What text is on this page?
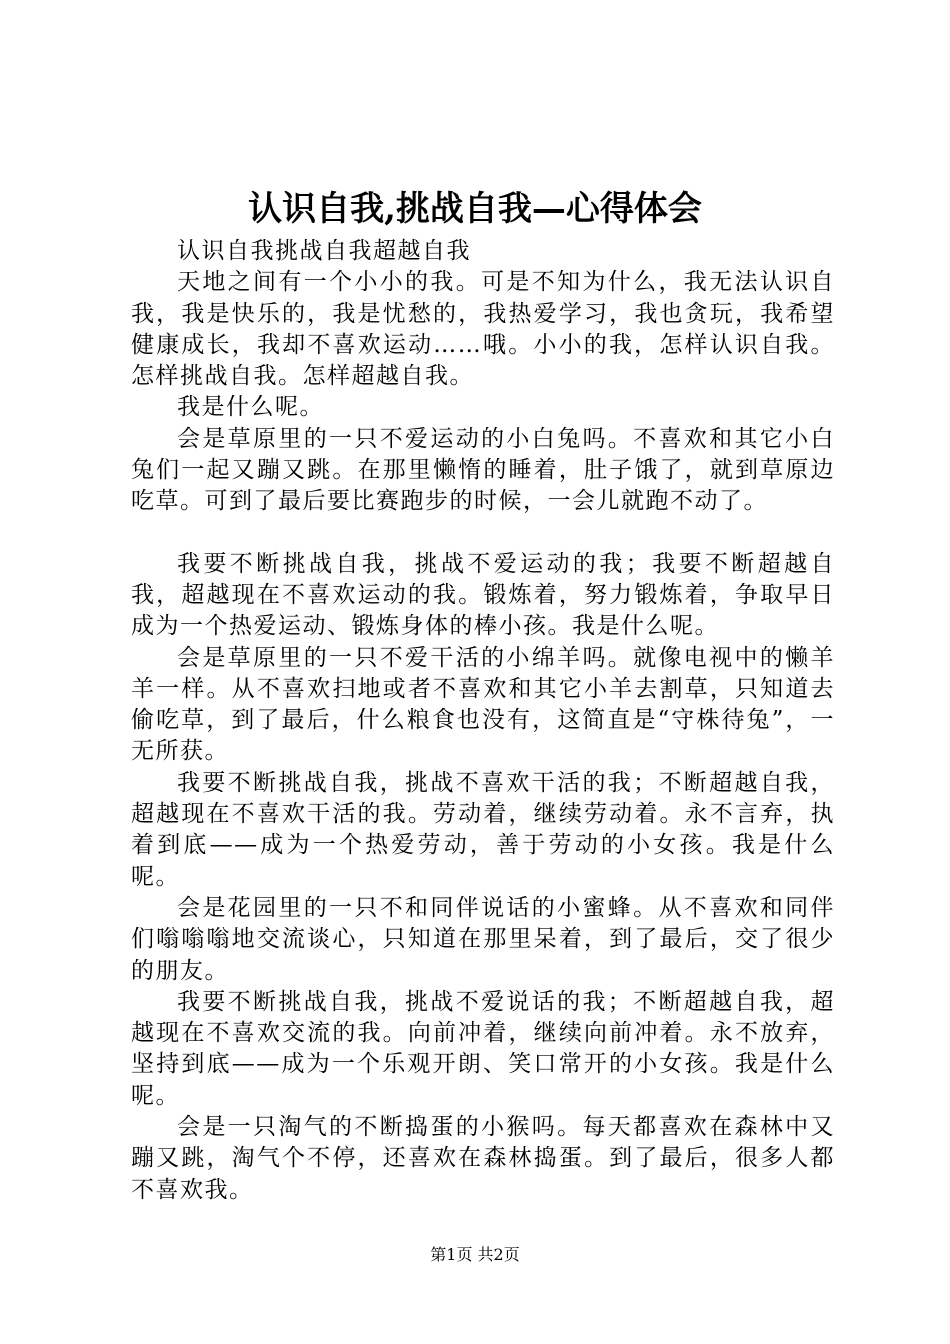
认识自我,挑战自我—心得体会

认识自我挑战自我超越自我

天地之间有一个小小的我。可是不知为什么，我无法认识自我，我是快乐的，我是忧愁的，我热爱学习，我也贪玩，我希望健康成长，我却不喜欢运动……哦。小小的我，怎样认识自我。怎样挑战自我。怎样超越自我。

我是什么呢。

会是草原里的一只不爱运动的小白兔吗。不喜欢和其它小白兔们一起又蹦又跳。在那里懒惰的睡着，肚子饿了，就到草原边吃草。可到了最后要比赛跑步的时候，一会儿就跑不动了。

我要不断挑战自我，挑战不爱运动的我；我要不断超越自我，超越现在不喜欢运动的我。锻炼着，努力锻炼着，争取早日成为一个热爱运动、锻炼身体的棒小孩。我是什么呢。

会是草原里的一只不爱干活的小绵羊吗。就像电视中的懒羊羊一样。从不喜欢扫地或者不喜欢和其它小羊去割草，只知道去偷吃草，到了最后，什么粮食也没有，这简直是“守株待兔”，一无所获。

我要不断挑战自我，挑战不喜欢干活的我；不断超越自我，超越现在不喜欢干活的我。劳动着，继续劳动着。永不言弃，执着到底——成为一个热爱劳动，善于劳动的小女孩。我是什么呢。

会是花园里的一只不和同伴说话的小蜜蜂。从不喜欢和同伴们嗡嗡嗡地交流谈心，只知道在那里呆着，到了最后，交了很少的朋友。

我要不断挑战自我，挑战不爱说话的我；不断超越自我，超越现在不喜欢交流的我。向前冲着，继续向前冲着。永不放弃，坚持到底——成为一个乐观开朗、笑口常开的小女孩。我是什么呢。

会是一只淘气的不断捣蛋的小猴吗。每天都喜欢在森林中又蹦又跳，淘气个不停，还喜欢在森林捣蛋。到了最后，很多人都不喜欢我。

第1页 共2页
